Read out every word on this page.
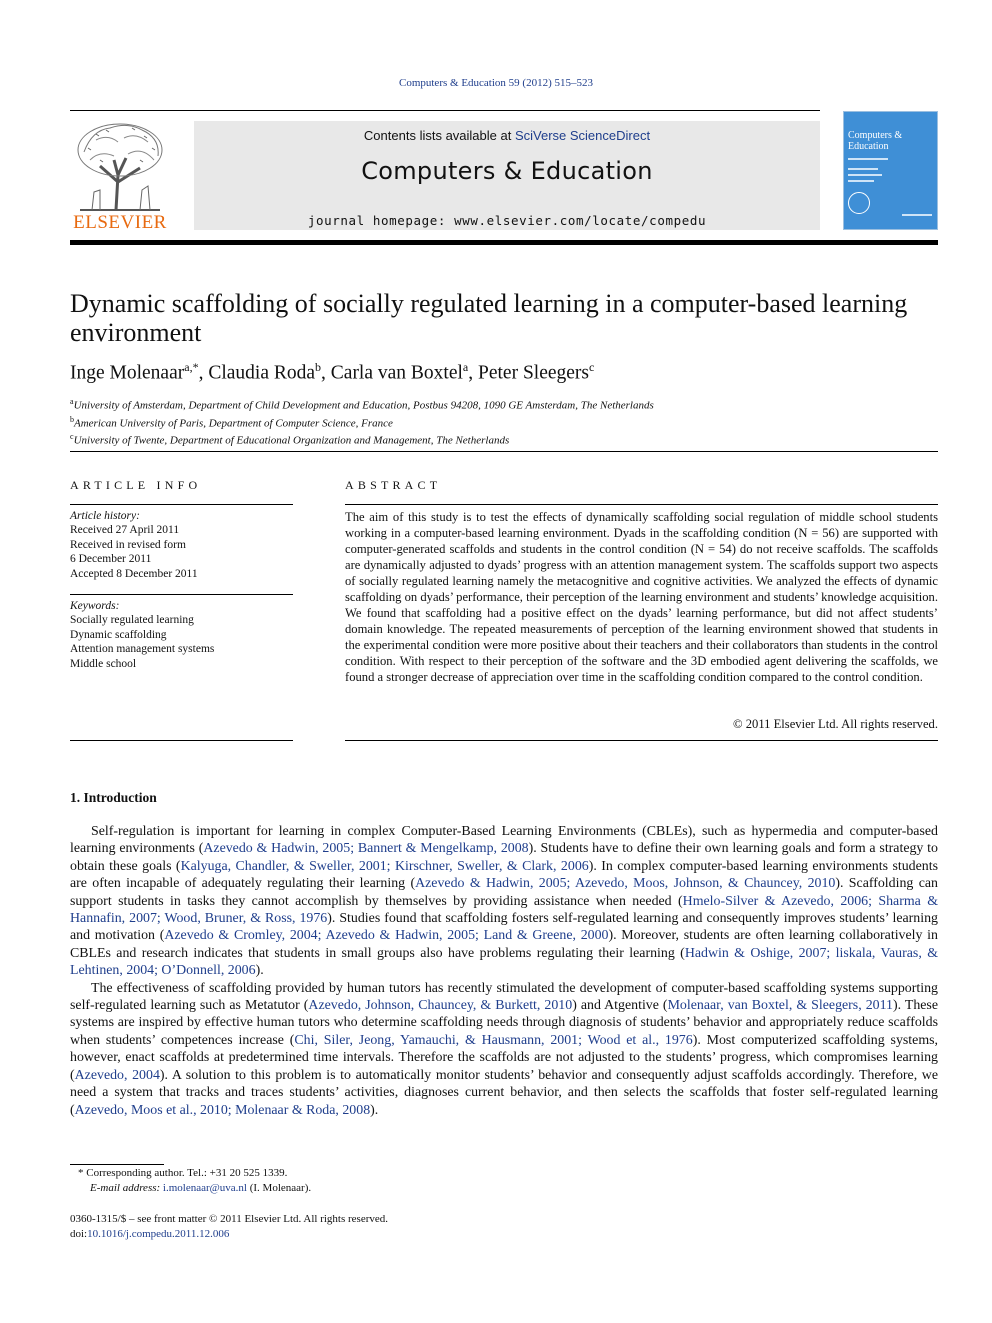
Computers & Education 59 (2012) 515–523
ELSEVIER
Contents lists available at SciVerse ScienceDirect
Computers & Education
journal homepage: www.elsevier.com/locate/compedu
Computers & Education
Dynamic scaffolding of socially regulated learning in a computer-based learning environment
Inge Molenaar$^{a,*}$, Claudia Roda$^b$, Carla van Boxtel$^a$, Peter Sleegers$^c$
$^a$University of Amsterdam, Department of Child Development and Education, Postbus 94208, 1090 GE Amsterdam, The Netherlands
$^b$American University of Paris, Department of Computer Science, France
$^c$University of Twente, Department of Educational Organization and Management, The Netherlands
ARTICLE INFO	ABSTRACT
Article history:
Received 27 April 2011
Received in revised form
6 December 2011
Accepted 8 December 2011
Keywords:
Socially regulated learning
Dynamic scaffolding
Attention management systems
Middle school
The aim of this study is to test the effects of dynamically scaffolding social regulation of middle school students working in a computer-based learning environment. Dyads in the scaffolding condition (N = 56) are supported with computer-generated scaffolds and students in the control condition (N = 54) do not receive scaffolds. The scaffolds are dynamically adjusted to dyads’ progress with an attention management system. The scaffolds support two aspects of socially regulated learning namely the metacognitive and cognitive activities. We analyzed the effects of dynamic scaffolding on dyads’ performance, their perception of the learning environment and students’ knowledge acquisition. We found that scaffolding had a positive effect on the dyads’ learning performance, but did not affect students’ domain knowledge. The repeated measurements of perception of the learning environment showed that students in the experimental condition were more positive about their teachers and their collaborators than students in the control condition. With respect to their perception of the software and the 3D embodied agent delivering the scaffolds, we found a stronger decrease of appreciation over time in the scaffolding condition compared to the control condition.
© 2011 Elsevier Ltd. All rights reserved.
1. Introduction

Self-regulation is important for learning in complex Computer-Based Learning Environments (CBLEs), such as hypermedia and computer-based learning environments (Azevedo & Hadwin, 2005; Bannert & Mengelkamp, 2008). Students have to define their own learning goals and form a strategy to obtain these goals (Kalyuga, Chandler, & Sweller, 2001; Kirschner, Sweller, & Clark, 2006). In complex computer-based learning environments students are often incapable of adequately regulating their learning (Azevedo & Hadwin, 2005; Azevedo, Moos, Johnson, & Chauncey, 2010). Scaffolding can support students in tasks they cannot accomplish by themselves by providing assistance when needed (Hmelo-Silver & Azevedo, 2006; Sharma & Hannafin, 2007; Wood, Bruner, & Ross, 1976). Studies found that scaffolding fosters self-regulated learning and consequently improves students’ learning and motivation (Azevedo & Cromley, 2004; Azevedo & Hadwin, 2005; Land & Greene, 2000). Moreover, students are often learning collaboratively in CBLEs and research indicates that students in small groups also have problems regulating their learning (Hadwin & Oshige, 2007; liskala, Vauras, & Lehtinen, 2004; O’Donnell, 2006).

The effectiveness of scaffolding provided by human tutors has recently stimulated the development of computer-based scaffolding systems supporting self-regulated learning such as Metatutor (Azevedo, Johnson, Chauncey, & Burkett, 2010) and Atgentive (Molenaar, van Boxtel, & Sleegers, 2011). These systems are inspired by effective human tutors who determine scaffolding needs through diagnosis of students’ behavior and appropriately reduce scaffolds when students’ competences increase (Chi, Siler, Jeong, Yamauchi, & Hausmann, 2001; Wood et al., 1976). Most computerized scaffolding systems, however, enact scaffolds at predetermined time intervals. Therefore the scaffolds are not adjusted to the students’ progress, which compromises learning (Azevedo, 2004). A solution to this problem is to automatically monitor students’ behavior and consequently adjust scaffolds accordingly. Therefore, we need a system that tracks and traces students’ activities, diagnoses current behavior, and then selects the scaffolds that foster self-regulated learning (Azevedo, Moos et al., 2010; Molenaar & Roda, 2008).

* Corresponding author. Tel.: +31 20 525 1339.
E-mail address: i.molenaar@uva.nl (I. Molenaar).
0360-1315/$ – see front matter © 2011 Elsevier Ltd. All rights reserved.
doi:10.1016/j.compedu.2011.12.006
